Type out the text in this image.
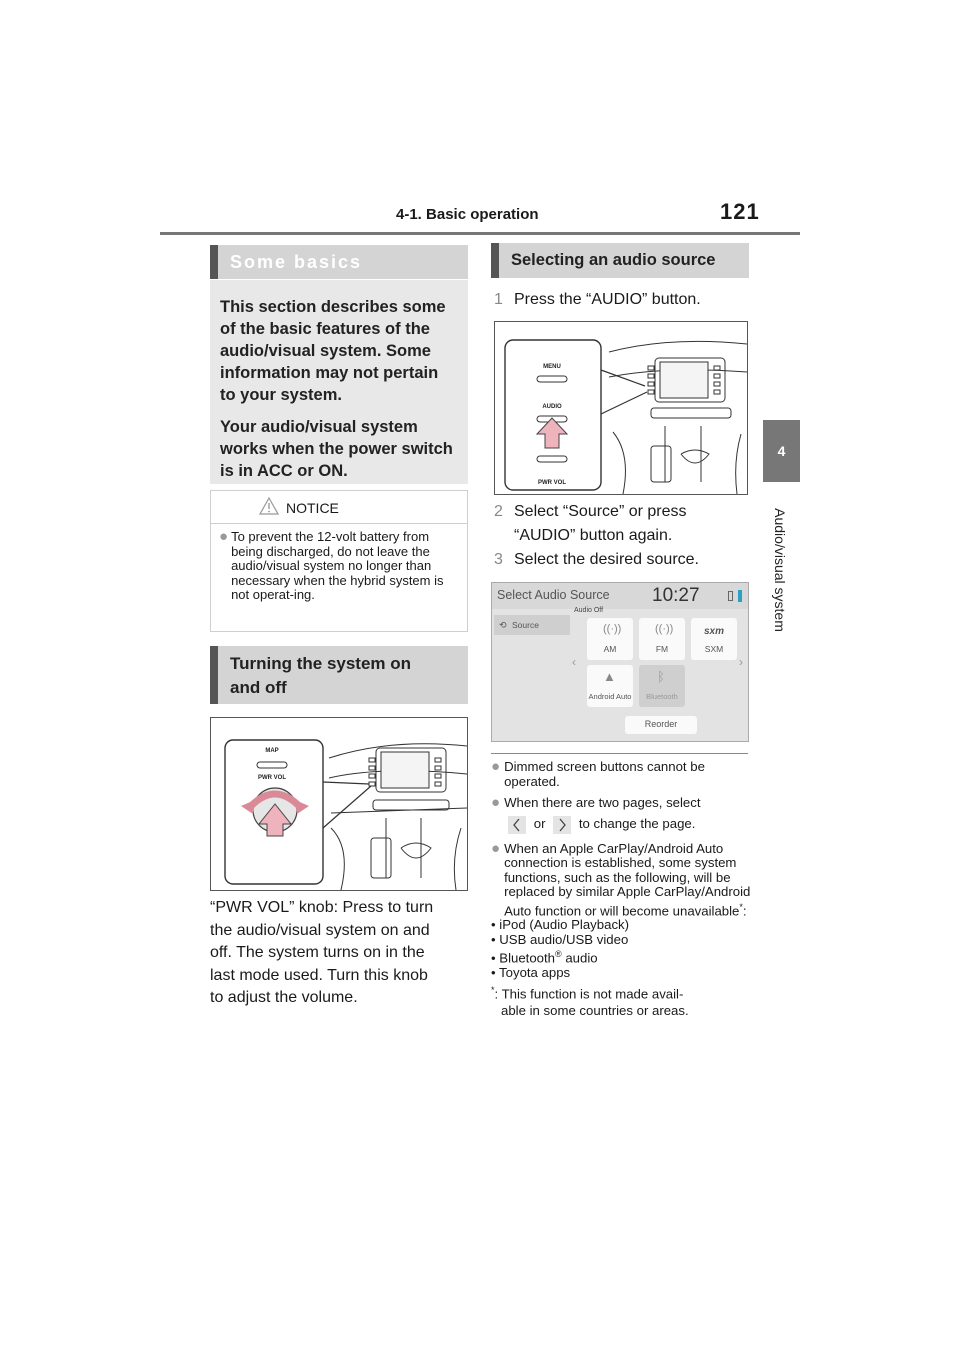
4-1. Basic operation	121
4
Audio/visual system
Some basics

This section describes some of the basic features of the audio/visual system. Some information may not pertain to your system.

Your audio/visual system works when the power switch is in ACC or ON.

NOTICE
● To prevent the 12-volt battery from being discharged, do not leave the audio/visual system no longer than necessary when the hybrid system is not operat-ing.
Turning the system on
and off
MAP
PWR VOL
“PWR VOL” knob: Press to turn
the audio/visual system on and
off. The system turns on in the
last mode used. Turn this knob
to adjust the volume.
Selecting an audio source
1 Press the “AUDIO” button.
MENU
AUDIO
PWR VOL
2 Select “Source” or press
“AUDIO” button again.
3 Select the desired source.
Select Audio Source 10:27
Audio Off
⟲ Source
‹	›
((·))
AM
((·))
FM
sxm
SXM
▲
Android Auto
ᛒ
Bluetooth
Reorder
● Dimmed screen buttons cannot be operated.
● When there are two pages, select
or	to change the page.
● When an Apple CarPlay/Android Auto connection is established, some system functions, such as the following, will be replaced by similar Apple CarPlay/Android Auto function or will become unavailable*:
• iPod (Audio Playback)
• USB audio/USB video
• Bluetooth® audio
• Toyota apps
*: This function is not made avail-
able in some countries or areas.
